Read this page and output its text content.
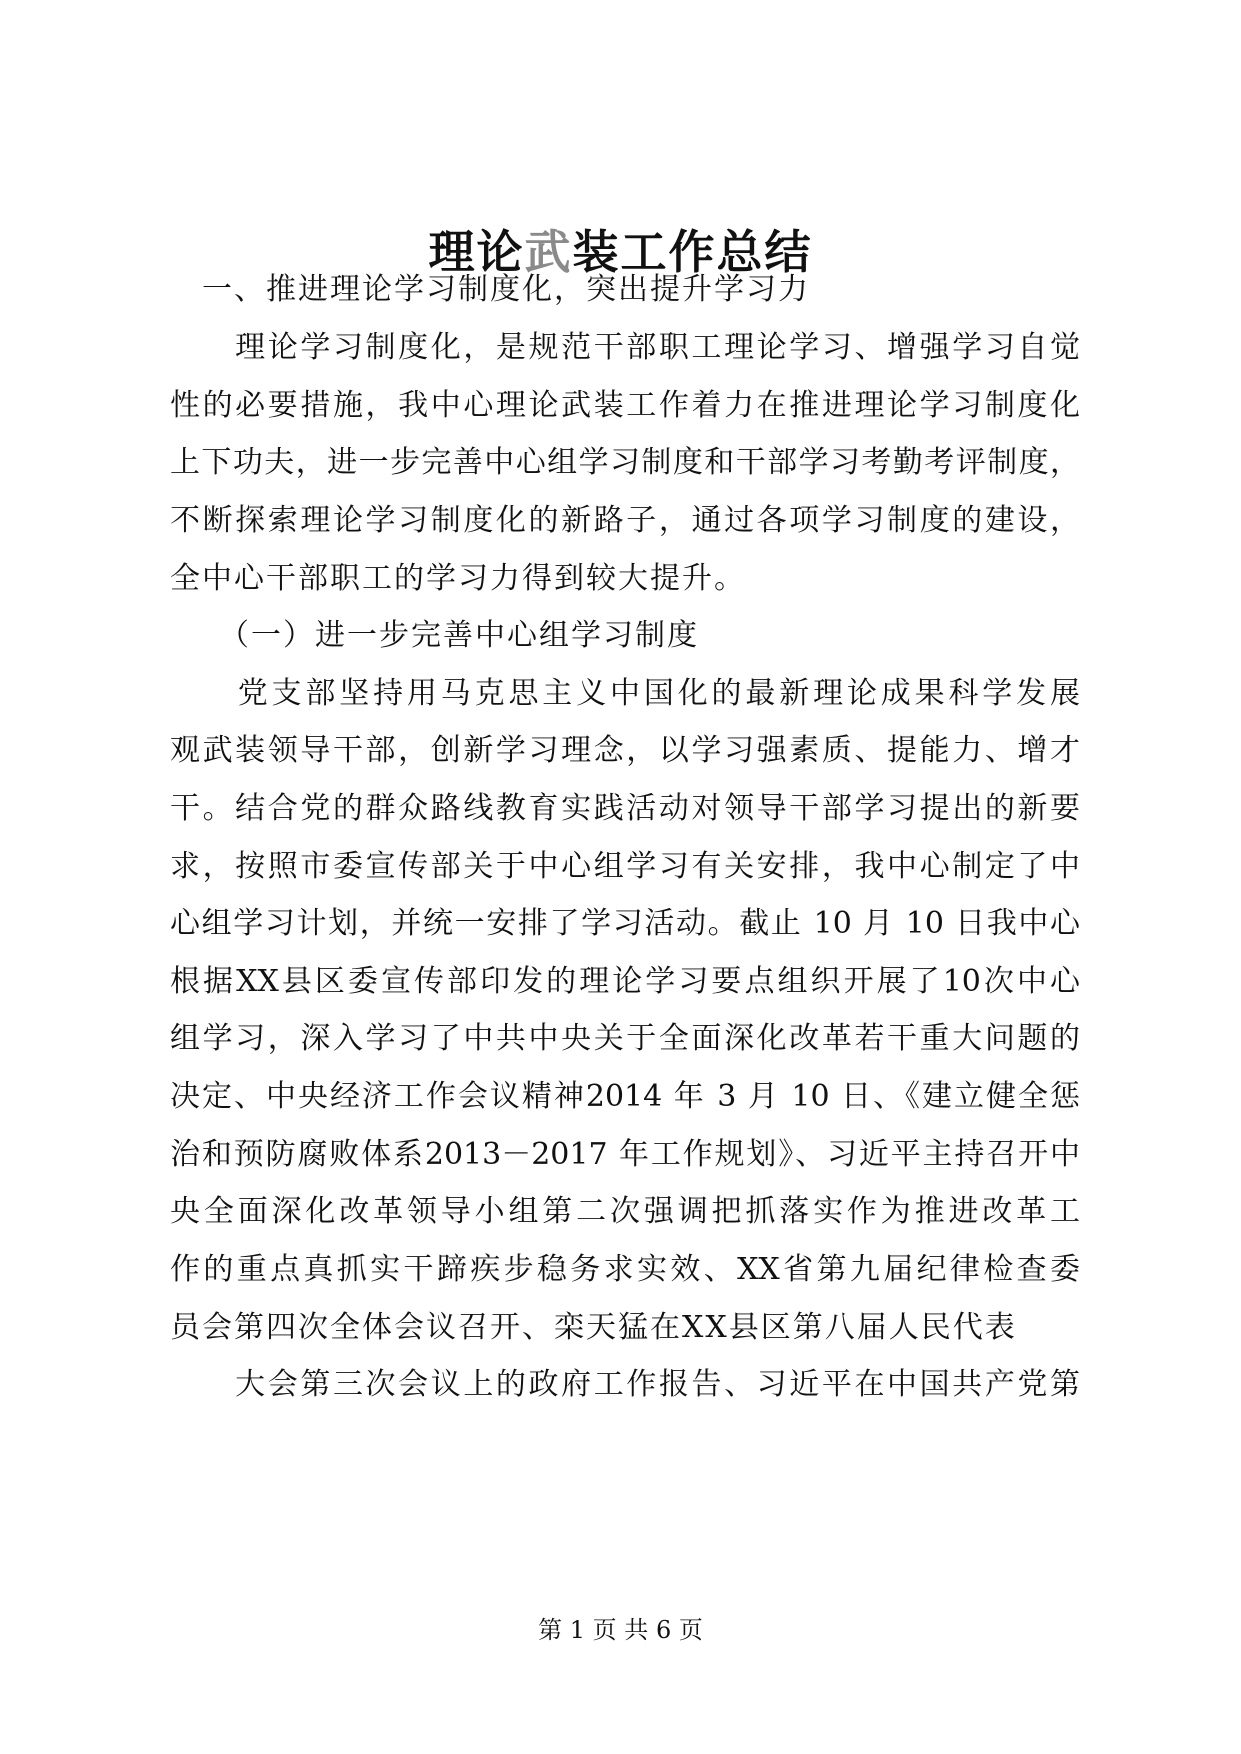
理论武装工作总结
　一、推进理论学习制度化，突出提升学习力
　　理论学习制度化，是规范干部职工理论学习、增强学习自觉
性的必要措施，我中心理论武装工作着力在推进理论学习制度化
上下功夫，进一步完善中心组学习制度和干部学习考勤考评制度，
不断探索理论学习制度化的新路子，通过各项学习制度的建设，
全中心干部职工的学习力得到较大提升。
　　（一）进一步完善中心组学习制度
　　党支部坚持用马克思主义中国化的最新理论成果科学发展
观武装领导干部，创新学习理念，以学习强素质、提能力、增才
干。结合党的群众路线教育实践活动对领导干部学习提出的新要
求，按照市委宣传部关于中心组学习有关安排，我中心制定了中
心组学习计划，并统一安排了学习活动。截止 10 月 10 日我中心
根据XX县区委宣传部印发的理论学习要点组织开展了10次中心
组学习，深入学习了中共中央关于全面深化改革若干重大问题的
决定、中央经济工作会议精神2014 年 3 月 10 日、《建立健全惩
治和预防腐败体系2013－2017 年工作规划》、习近平主持召开中
央全面深化改革领导小组第二次强调把抓落实作为推进改革工
作的重点真抓实干蹄疾步稳务求实效、XX省第九届纪律检查委
员会第四次全体会议召开、栾天猛在XX县区第八届人民代表
　　大会第三次会议上的政府工作报告、习近平在中国共产党第
第 1 页 共 6 页
